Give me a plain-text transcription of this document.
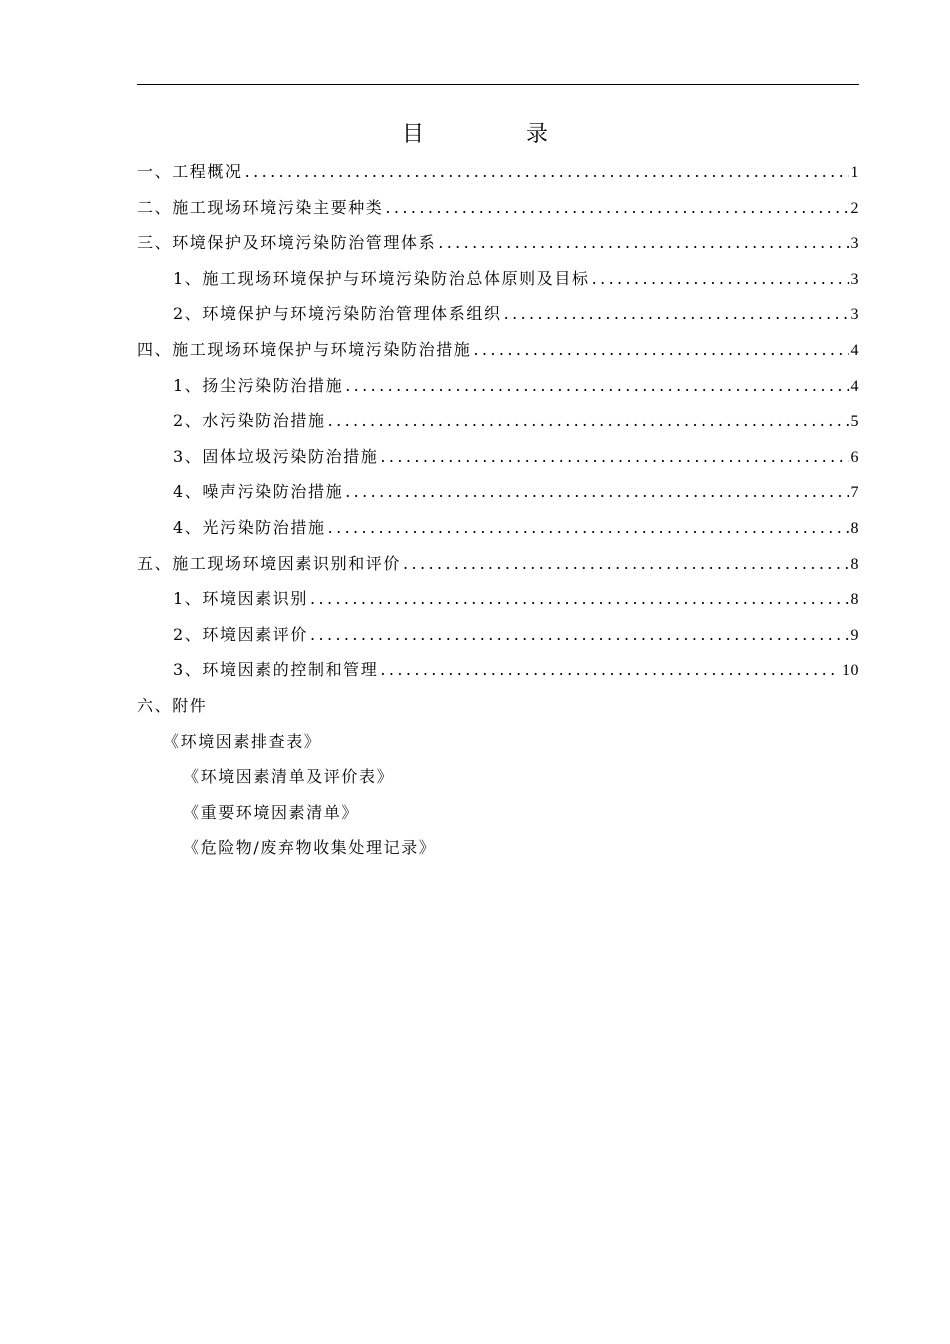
目　录
一、工程概况 .....	1
二、施工现场环境污染主要种类 .....	2
三、环境保护及环境污染防治管理体系 .....	3
1、施工现场环境保护与环境污染防治总体原则及目标 .....	3
2、环境保护与环境污染防治管理体系组织 .....	3
四、施工现场环境保护与环境污染防治措施 .....	4
1、扬尘污染防治措施 .....	4
2、水污染防治措施 .....	5
3、固体垃圾污染防治措施 .....	6
4、噪声污染防治措施 .....	7
4、光污染防治措施 .....	8
五、施工现场环境因素识别和评价 .....	8
1、环境因素识别 .....	8
2、环境因素评价 .....	9
3、环境因素的控制和管理 .....	10
六、附件
《环境因素排查表》
《环境因素清单及评价表》
《重要环境因素清单》
《危险物/废弃物收集处理记录》
